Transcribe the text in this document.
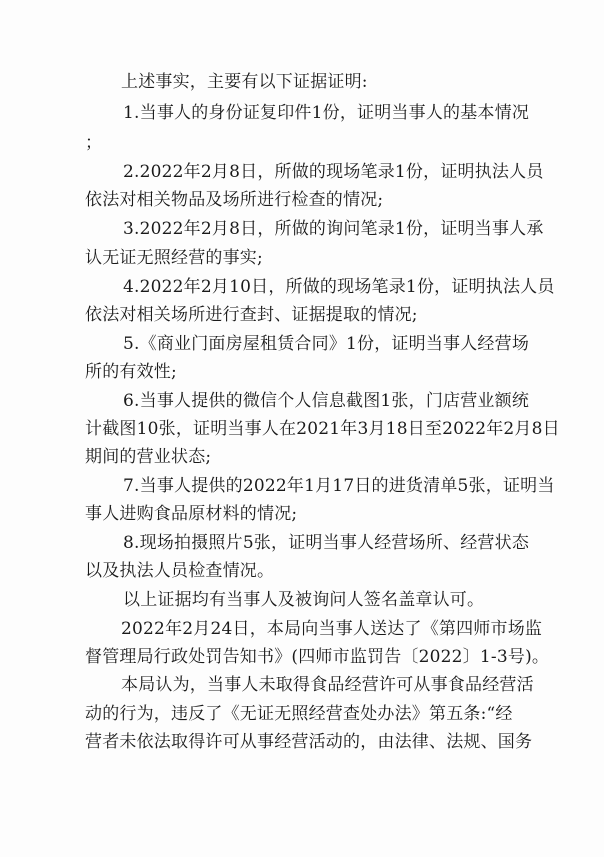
上述事实，主要有以下证据证明:
1.当事人的身份证复印件1份，证明当事人的基本情况
；
2.2022年2月8日，所做的现场笔录1份，证明执法人员
依法对相关物品及场所进行检查的情况;
3.2022年2月8日，所做的询问笔录1份，证明当事人承
认无证无照经营的事实;
4.2022年2月10日，所做的现场笔录1份，证明执法人员
依法对相关场所进行查封、证据提取的情况;
5.《商业门面房屋租赁合同》1份，证明当事人经营场
所的有效性;
6.当事人提供的微信个人信息截图1张，门店营业额统
计截图10张，证明当事人在2021年3月18日至2022年2月8日
期间的营业状态;
7.当事人提供的2022年1月17日的进货清单5张，证明当
事人进购食品原材料的情况;
8.现场拍摄照片5张，证明当事人经营场所、经营状态
以及执法人员检查情况。
以上证据均有当事人及被询问人签名盖章认可。
2022年2月24日，本局向当事人送达了《第四师市场监
督管理局行政处罚告知书》(四师市监罚告〔2022〕1-3号)。
本局认为，当事人未取得食品经营许可从事食品经营活
动的行为，违反了《无证无照经营查处办法》第五条:“经
营者未依法取得许可从事经营活动的，由法律、法规、国务
